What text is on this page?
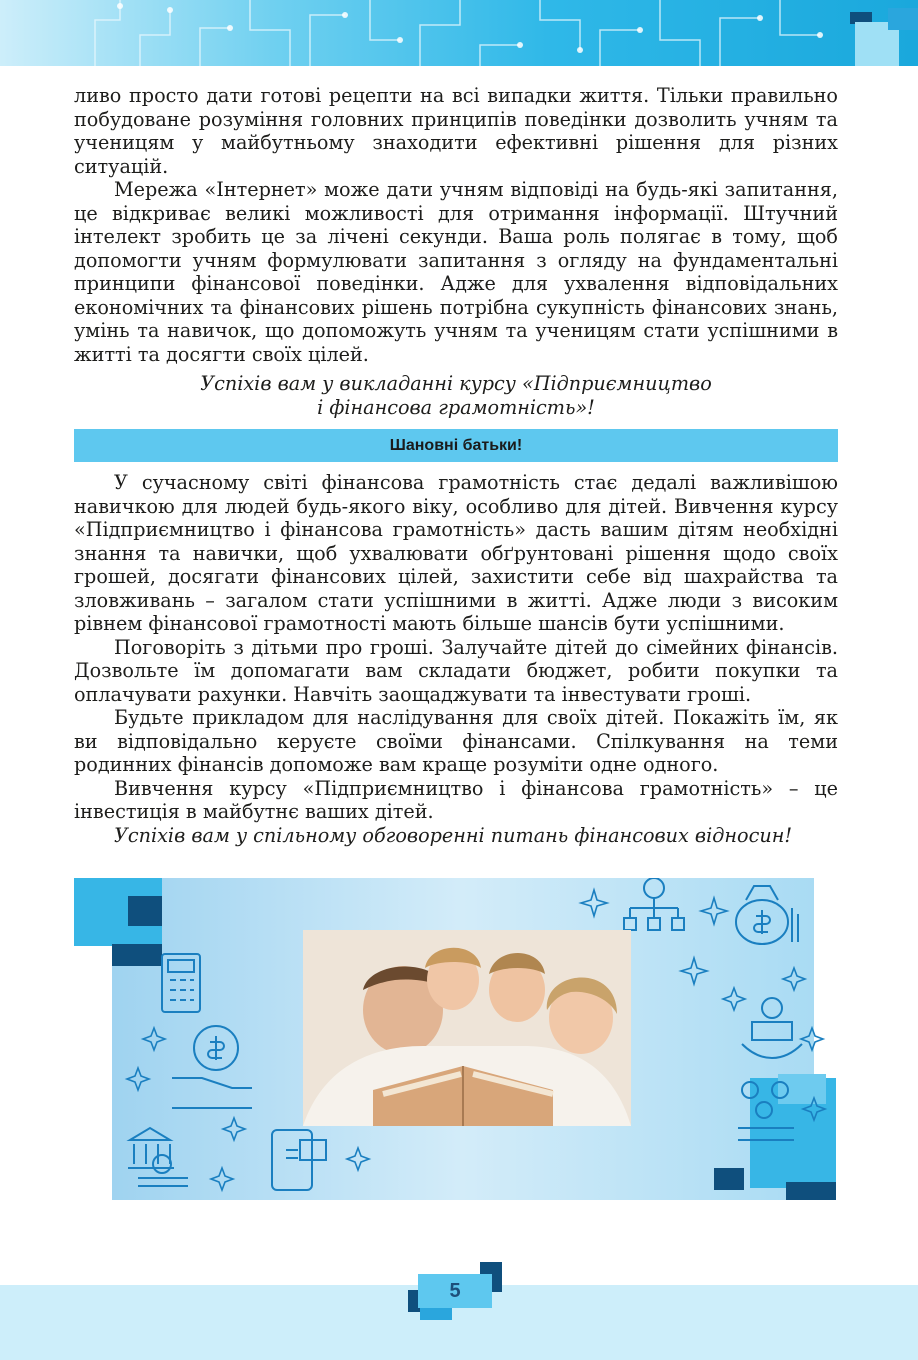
ливо просто дати готові рецепти на всі випадки життя. Тільки правильно побудоване розуміння головних принципів поведінки дозволить учням та ученицям у майбутньому знаходити ефективні рішення для різних ситуацій.

Мережа «Інтернет» може дати учням відповіді на будь-які запитання, це відкриває великі можливості для отримання інформації. Штучний інтелект зробить це за лічені секунди. Ваша роль полягає в тому, щоб допомогти учням формулювати запитання з огляду на фундаментальні принципи фінансової поведінки. Адже для ухвалення відповідальних економічних та фінансових рішень потрібна сукупність фінансових знань, умінь та навичок, що допоможуть учням та ученицям стати успішними в житті та досягти своїх цілей.

Успіхів вам у викладанні курсу «Підприємництво
і фінансова грамотність»!
Шановні батьки!

У сучасному світі фінансова грамотність стає дедалі важливішою навичкою для людей будь-якого віку, особливо для дітей. Вивчення курсу «Підприємництво і фінансова грамотність» дасть вашим дітям необхідні знання та навички, щоб ухвалювати обґрунтовані рішення щодо своїх грошей, досягати фінансових цілей, захистити себе від шахрайства та зловживань – загалом стати успішними в житті. Адже люди з високим рівнем фінансової грамотності мають більше шансів бути успішними.

Поговоріть з дітьми про гроші. Залучайте дітей до сімейних фінансів. Дозвольте їм допомагати вам складати бюджет, робити покупки та оплачувати рахунки. Навчіть заощаджувати та інвестувати гроші.

Будьте прикладом для наслідування для своїх дітей. Покажіть їм, як ви відповідально керуєте своїми фінансами. Спілкування на теми родинних фінансів допоможе вам краще розуміти одне одного.

Вивчення курсу «Підприємництво і фінансова грамотність» – це інвестиція в майбутнє ваших дітей.

Успіхів вам у спільному обговоренні питань фінансових відносин!

5
